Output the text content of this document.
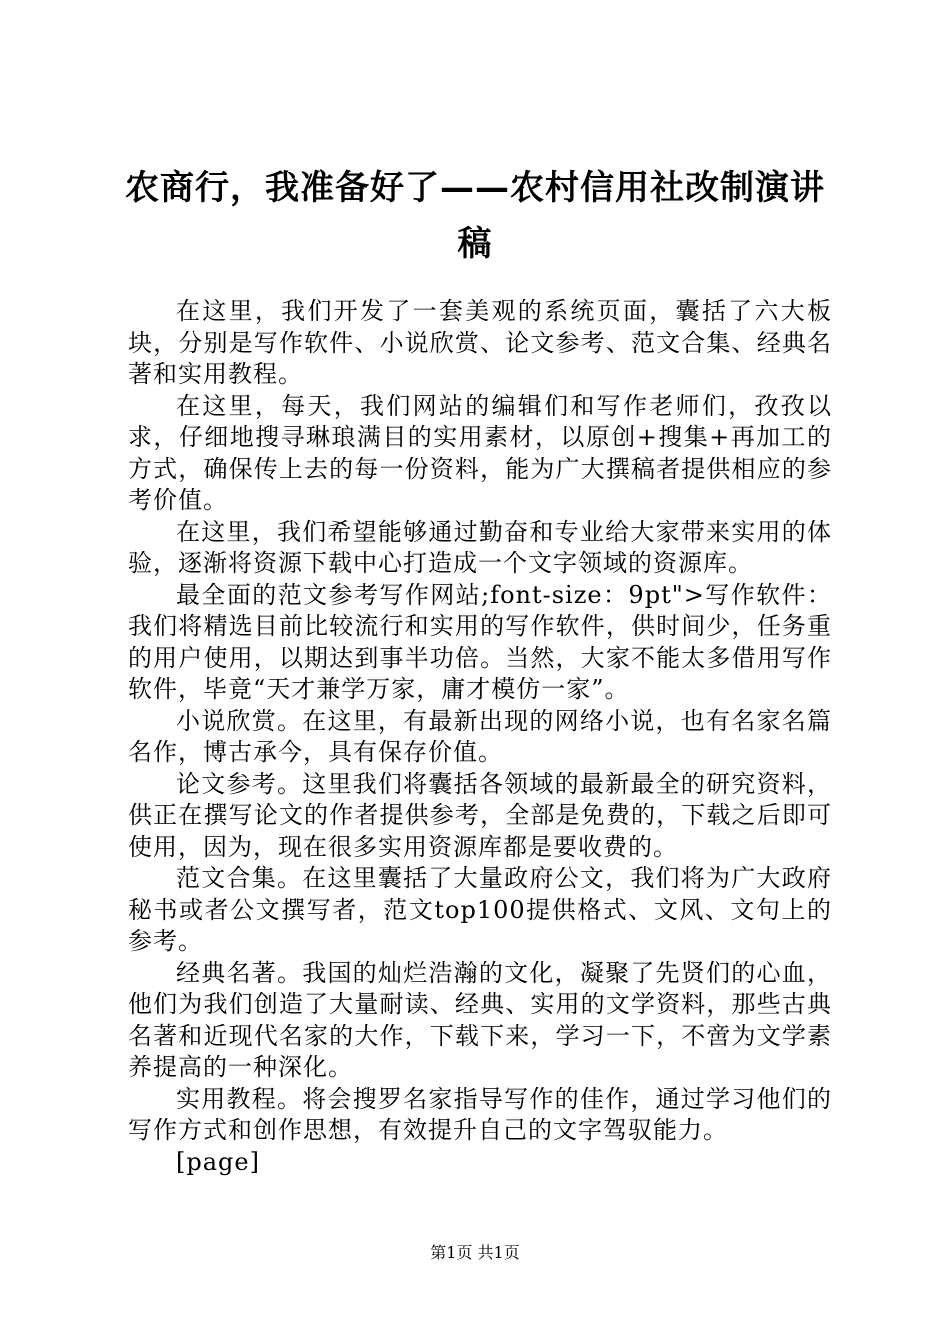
农商行，我准备好了——农村信用社改制演讲稿

在这里，我们开发了一套美观的系统页面，囊括了六大板块，分别是写作软件、小说欣赏、论文参考、范文合集、经典名著和实用教程。

在这里，每天，我们网站的编辑们和写作老师们，孜孜以求，仔细地搜寻琳琅满目的实用素材，以原创+搜集+再加工的方式，确保传上去的每一份资料，能为广大撰稿者提供相应的参考价值。

在这里，我们希望能够通过勤奋和专业给大家带来实用的体验，逐渐将资源下载中心打造成一个文字领域的资源库。

最全面的范文参考写作网站;font-size：9pt">写作软件：我们将精选目前比较流行和实用的写作软件，供时间少，任务重的用户使用，以期达到事半功倍。当然，大家不能太多借用写作软件，毕竟“天才兼学万家，庸才模仿一家”。

小说欣赏。在这里，有最新出现的网络小说，也有名家名篇名作，博古承今，具有保存价值。

论文参考。这里我们将囊括各领域的最新最全的研究资料，供正在撰写论文的作者提供参考，全部是免费的，下载之后即可使用，因为，现在很多实用资源库都是要收费的。

范文合集。在这里囊括了大量政府公文，我们将为广大政府秘书或者公文撰写者，范文top100提供格式、文风、文句上的参考。

经典名著。我国的灿烂浩瀚的文化，凝聚了先贤们的心血，他们为我们创造了大量耐读、经典、实用的文学资料，那些古典名著和近现代名家的大作，下载下来，学习一下，不啻为文学素养提高的一种深化。

实用教程。将会搜罗名家指导写作的佳作，通过学习他们的写作方式和创作思想，有效提升自己的文字驾驭能力。

[page]

第1页 共1页
